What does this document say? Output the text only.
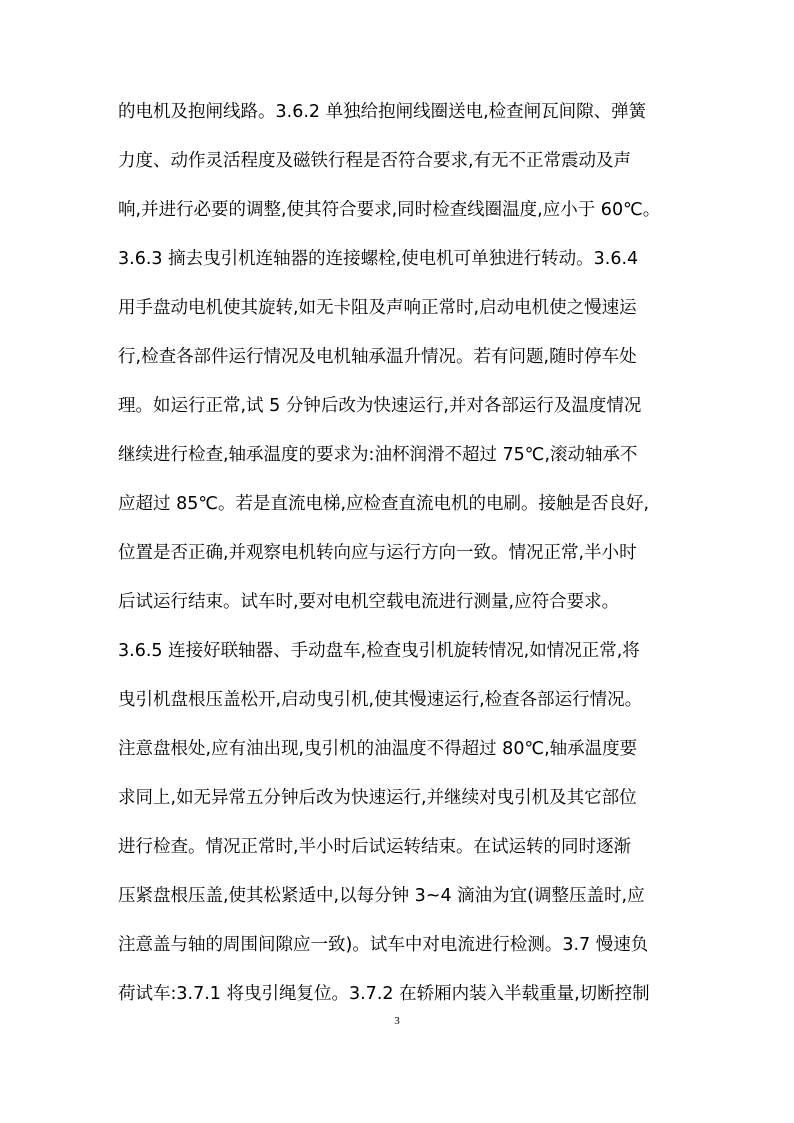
的电机及抱闸线路。3.6.2 单独给抱闸线圈送电,检查闸瓦间隙、弹簧
力度、动作灵活程度及磁铁行程是否符合要求,有无不正常震动及声
响,并进行必要的调整,使其符合要求,同时检查线圈温度,应小于 60℃。
3.6.3 摘去曳引机连轴器的连接螺栓,使电机可单独进行转动。3.6.4
用手盘动电机使其旋转,如无卡阻及声响正常时,启动电机使之慢速运
行,检查各部件运行情况及电机轴承温升情况。若有问题,随时停车处
理。如运行正常,试 5 分钟后改为快速运行,并对各部运行及温度情况
继续进行检查,轴承温度的要求为:油杯润滑不超过 75℃,滚动轴承不
应超过 85℃。若是直流电梯,应检查直流电机的电刷。接触是否良好,
位置是否正确,并观察电机转向应与运行方向一致。情况正常,半小时
后试运行结束。试车时,要对电机空载电流进行测量,应符合要求。
3.6.5 连接好联轴器、手动盘车,检查曳引机旋转情况,如情况正常,将
曳引机盘根压盖松开,启动曳引机,使其慢速运行,检查各部运行情况。
注意盘根处,应有油出现,曳引机的油温度不得超过 80℃,轴承温度要
求同上,如无异常五分钟后改为快速运行,并继续对曳引机及其它部位
进行检查。情况正常时,半小时后试运转结束。在试运转的同时逐渐
压紧盘根压盖,使其松紧适中,以每分钟 3~4 滴油为宜(调整压盖时,应
注意盖与轴的周围间隙应一致)。试车中对电流进行检测。3.7 慢速负
荷试车:3.7.1 将曳引绳复位。3.7.2 在轿厢内装入半载重量,切断控制
3
